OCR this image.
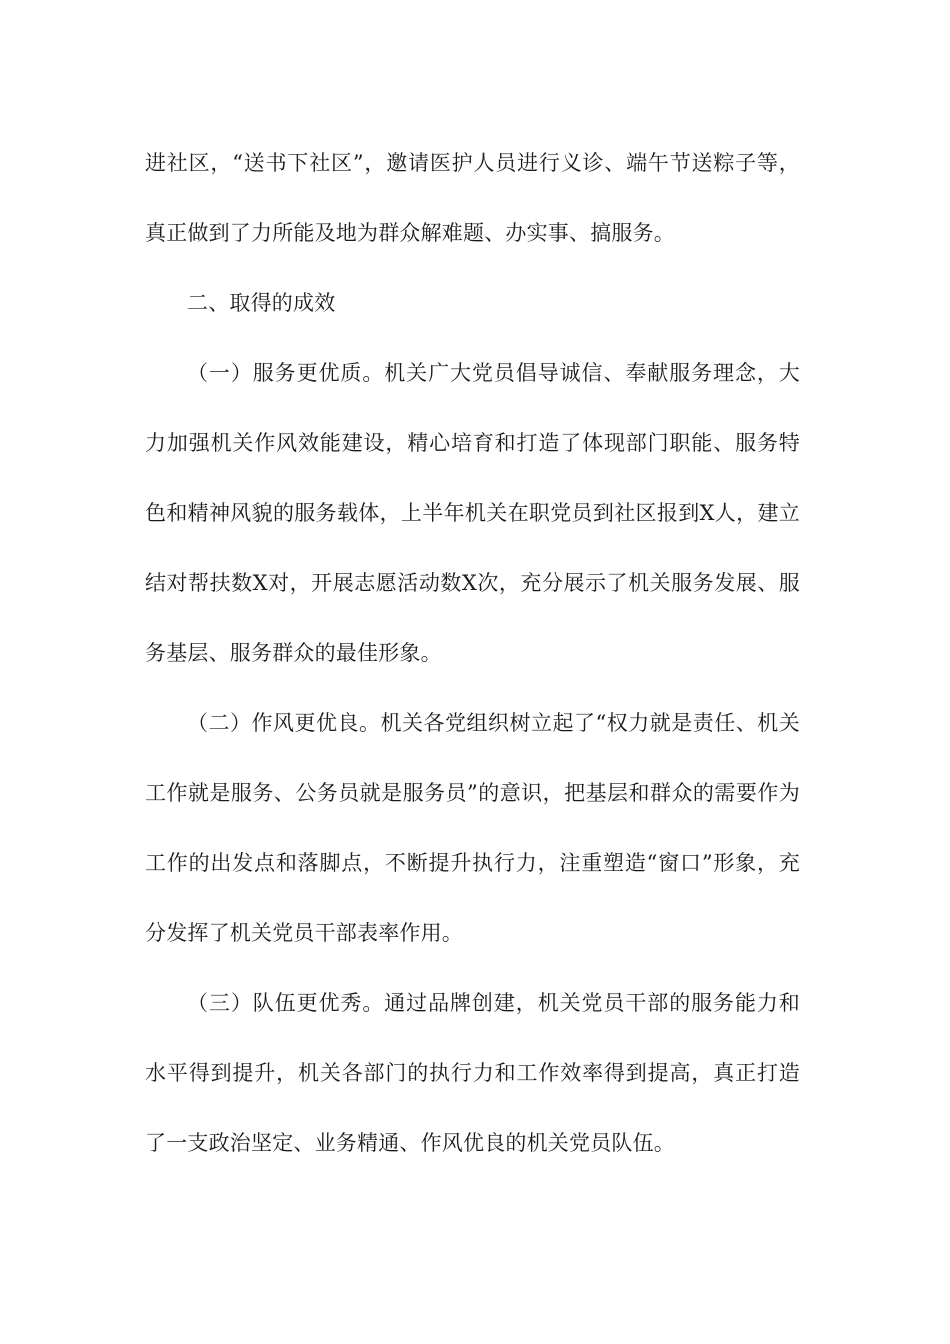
进社区，“送书下社区”，邀请医护人员进行义诊、端午节送粽子等，真正做到了力所能及地为群众解难题、办实事、搞服务。

二、取得的成效

（一）服务更优质。机关广大党员倡导诚信、奉献服务理念，大力加强机关作风效能建设，精心培育和打造了体现部门职能、服务特色和精神风貌的服务载体，上半年机关在职党员到社区报到X人，建立结对帮扶数X对，开展志愿活动数X次，充分展示了机关服务发展、服务基层、服务群众的最佳形象。

（二）作风更优良。机关各党组织树立起了“权力就是责任、机关工作就是服务、公务员就是服务员”的意识，把基层和群众的需要作为工作的出发点和落脚点，不断提升执行力，注重塑造“窗口”形象，充分发挥了机关党员干部表率作用。

（三）队伍更优秀。通过品牌创建，机关党员干部的服务能力和水平得到提升，机关各部门的执行力和工作效率得到提高，真正打造了一支政治坚定、业务精通、作风优良的机关党员队伍。
